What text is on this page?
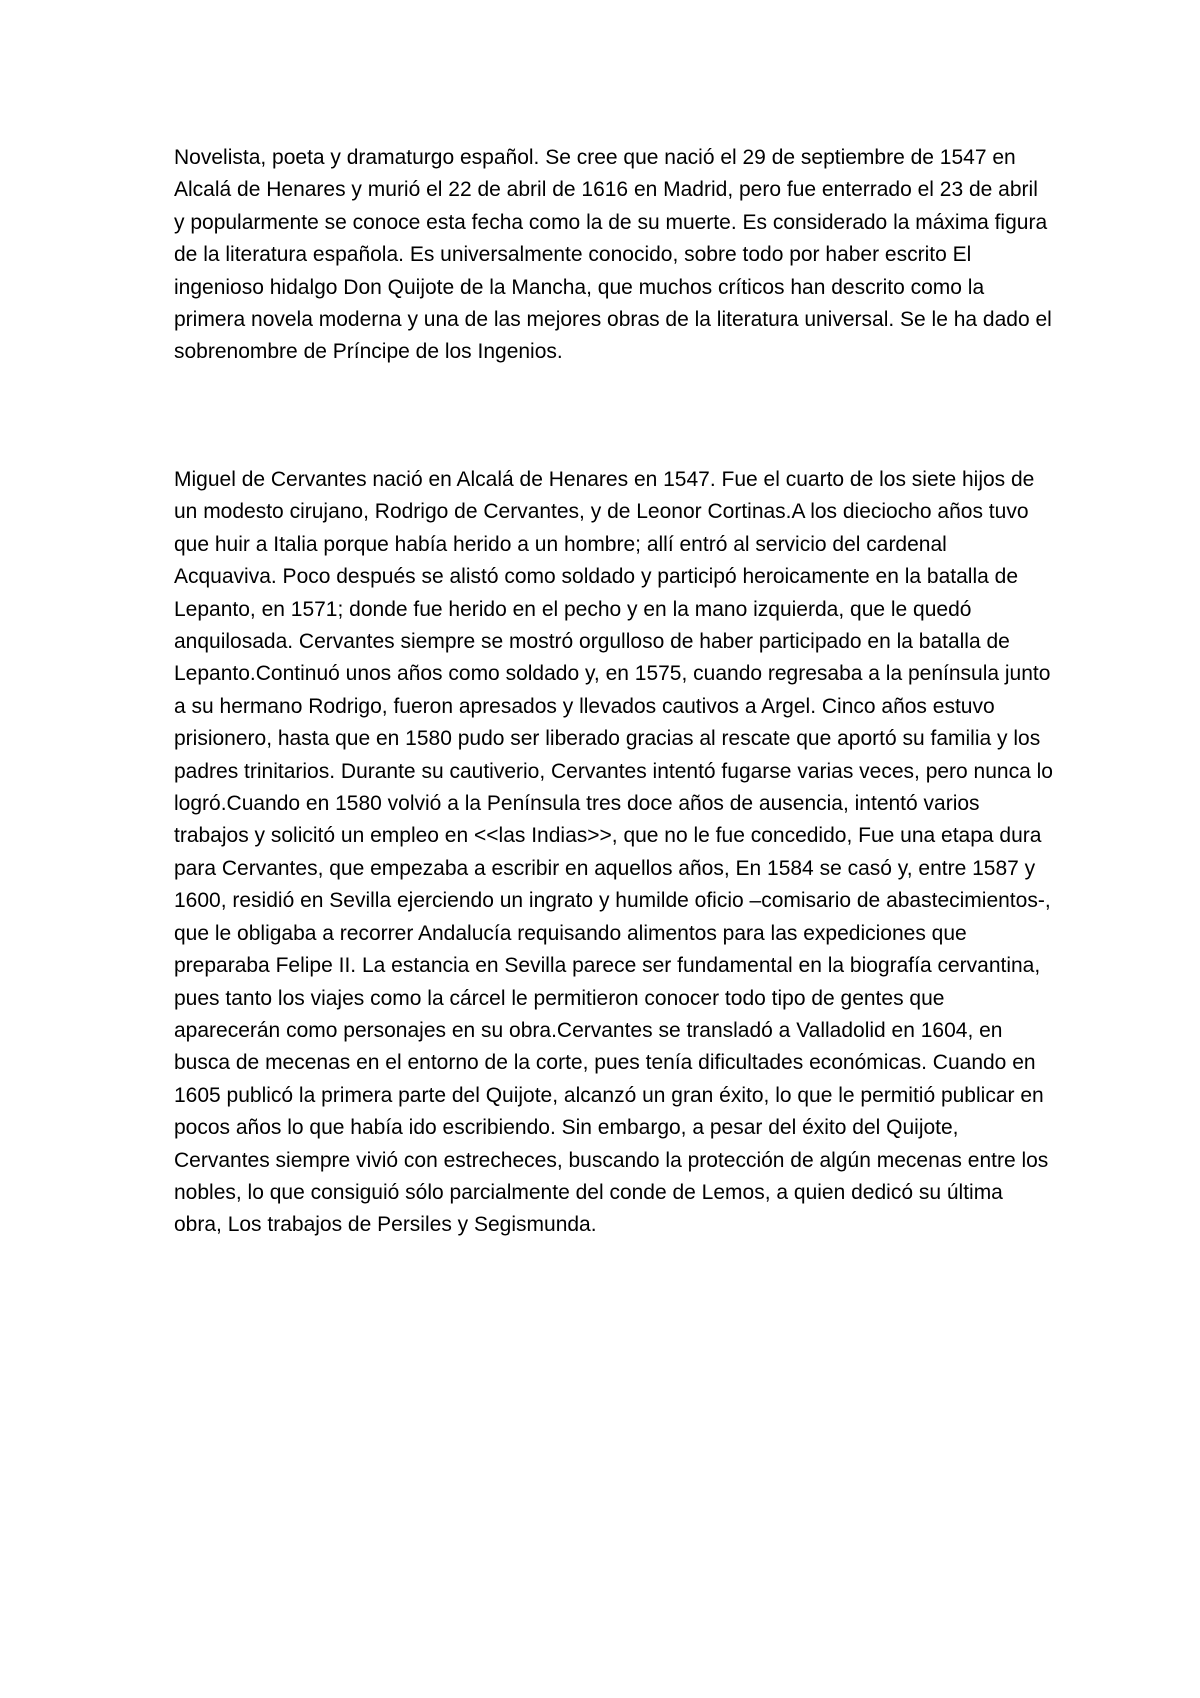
Novelista, poeta y dramaturgo español. Se cree que nació el 29 de septiembre de 1547 en Alcalá de Henares y murió el 22 de abril de 1616 en Madrid, pero fue enterrado el 23 de abril y popularmente se conoce esta fecha como la de su muerte. Es considerado la máxima figura de la literatura española. Es universalmente conocido, sobre todo por haber escrito El ingenioso hidalgo Don Quijote de la Mancha, que muchos críticos han descrito como la primera novela moderna y una de las mejores obras de la literatura universal. Se le ha dado el sobrenombre de Príncipe de los Ingenios.

Miguel de Cervantes nació en Alcalá de Henares en 1547. Fue el cuarto de los siete hijos de un modesto cirujano, Rodrigo de Cervantes, y de Leonor Cortinas.A los dieciocho años tuvo que huir a Italia porque había herido a un hombre; allí entró al servicio del cardenal Acquaviva. Poco después se alistó como soldado y participó heroicamente en la batalla de Lepanto, en 1571; donde fue herido en el pecho y en la mano izquierda, que le quedó anquilosada. Cervantes siempre se mostró orgulloso de haber participado en la batalla de Lepanto.Continuó unos años como soldado y, en 1575, cuando regresaba a la península junto a su hermano Rodrigo, fueron apresados y llevados cautivos a Argel. Cinco años estuvo prisionero, hasta que en 1580 pudo ser liberado gracias al rescate que aportó su familia y los padres trinitarios. Durante su cautiverio, Cervantes intentó fugarse varias veces, pero nunca lo logró.Cuando en 1580 volvió a la Península tres doce años de ausencia, intentó varios trabajos y solicitó un empleo en <<las Indias>>, que no le fue concedido, Fue una etapa dura para Cervantes, que empezaba a escribir en aquellos años, En 1584 se casó y, entre 1587 y 1600, residió en Sevilla ejerciendo un ingrato y humilde oficio –comisario de abastecimientos-, que le obligaba a recorrer Andalucía requisando alimentos para las expediciones que preparaba Felipe II. La estancia en Sevilla parece ser fundamental en la biografía cervantina, pues tanto los viajes como la cárcel le permitieron conocer todo tipo de gentes que aparecerán como personajes en su obra.Cervantes se transladó a Valladolid en 1604, en busca de mecenas en el entorno de la corte, pues tenía dificultades económicas. Cuando en 1605 publicó la primera parte del Quijote, alcanzó un gran éxito, lo que le permitió publicar en pocos años lo que había ido escribiendo. Sin embargo, a pesar del éxito del Quijote, Cervantes siempre vivió con estrecheces, buscando la protección de algún mecenas entre los nobles, lo que consiguió sólo parcialmente del conde de Lemos, a quien dedicó su última obra, Los trabajos de Persiles y Segismunda.
